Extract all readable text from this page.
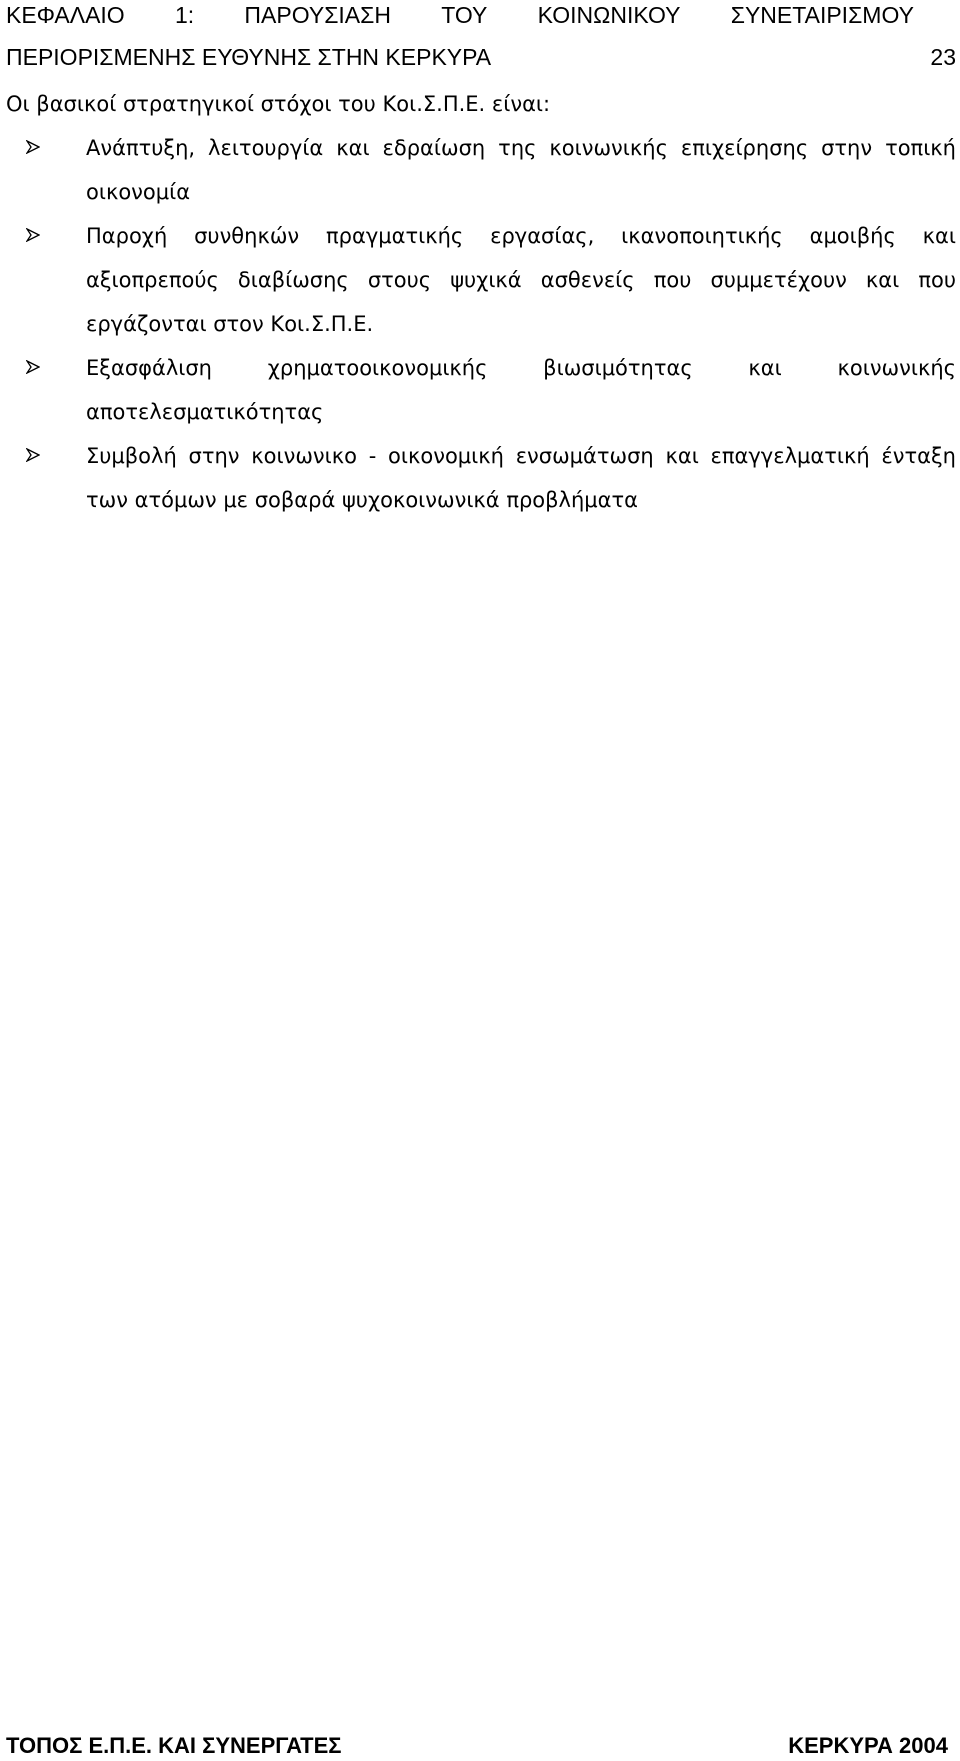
ΚΕΦΑΛΑΙΟ 1: ΠΑΡΟΥΣΙΑΣΗ ΤΟΥ ΚΟΙΝΩΝΙΚΟΥ ΣΥΝΕΤΑΙΡΙΣΜΟΥ
ΠΕΡΙΟΡΙΣΜΕΝΗΣ ΕΥΘΥΝΗΣ ΣΤΗΝ ΚΕΡΚΥΡΑ	23

Οι βασικοί στρατηγικοί στόχοι του Κοι.Σ.Π.Ε. είναι:

Ανάπτυξη, λειτουργία και εδραίωση της κοινωνικής επιχείρησης στην τοπική οικονομία
Παροχή συνθηκών πραγματικής εργασίας, ικανοποιητικής αμοιβής και αξιοπρεπούς διαβίωσης στους ψυχικά ασθενείς που συμμετέχουν και που εργάζονται στον Κοι.Σ.Π.Ε.
Εξασφάλιση χρηματοοικονομικής βιωσιμότητας και κοινωνικής αποτελεσματικότητας
Συμβολή στην κοινωνικο - οικονομική ενσωμάτωση και επαγγελματική ένταξη των ατόμων με σοβαρά ψυχοκοινωνικά προβλήματα
ΤΟΠΟΣ Ε.Π.Ε. ΚΑΙ ΣΥΝΕΡΓΑΤΕΣ	ΚΕΡΚΥΡΑ 2004
